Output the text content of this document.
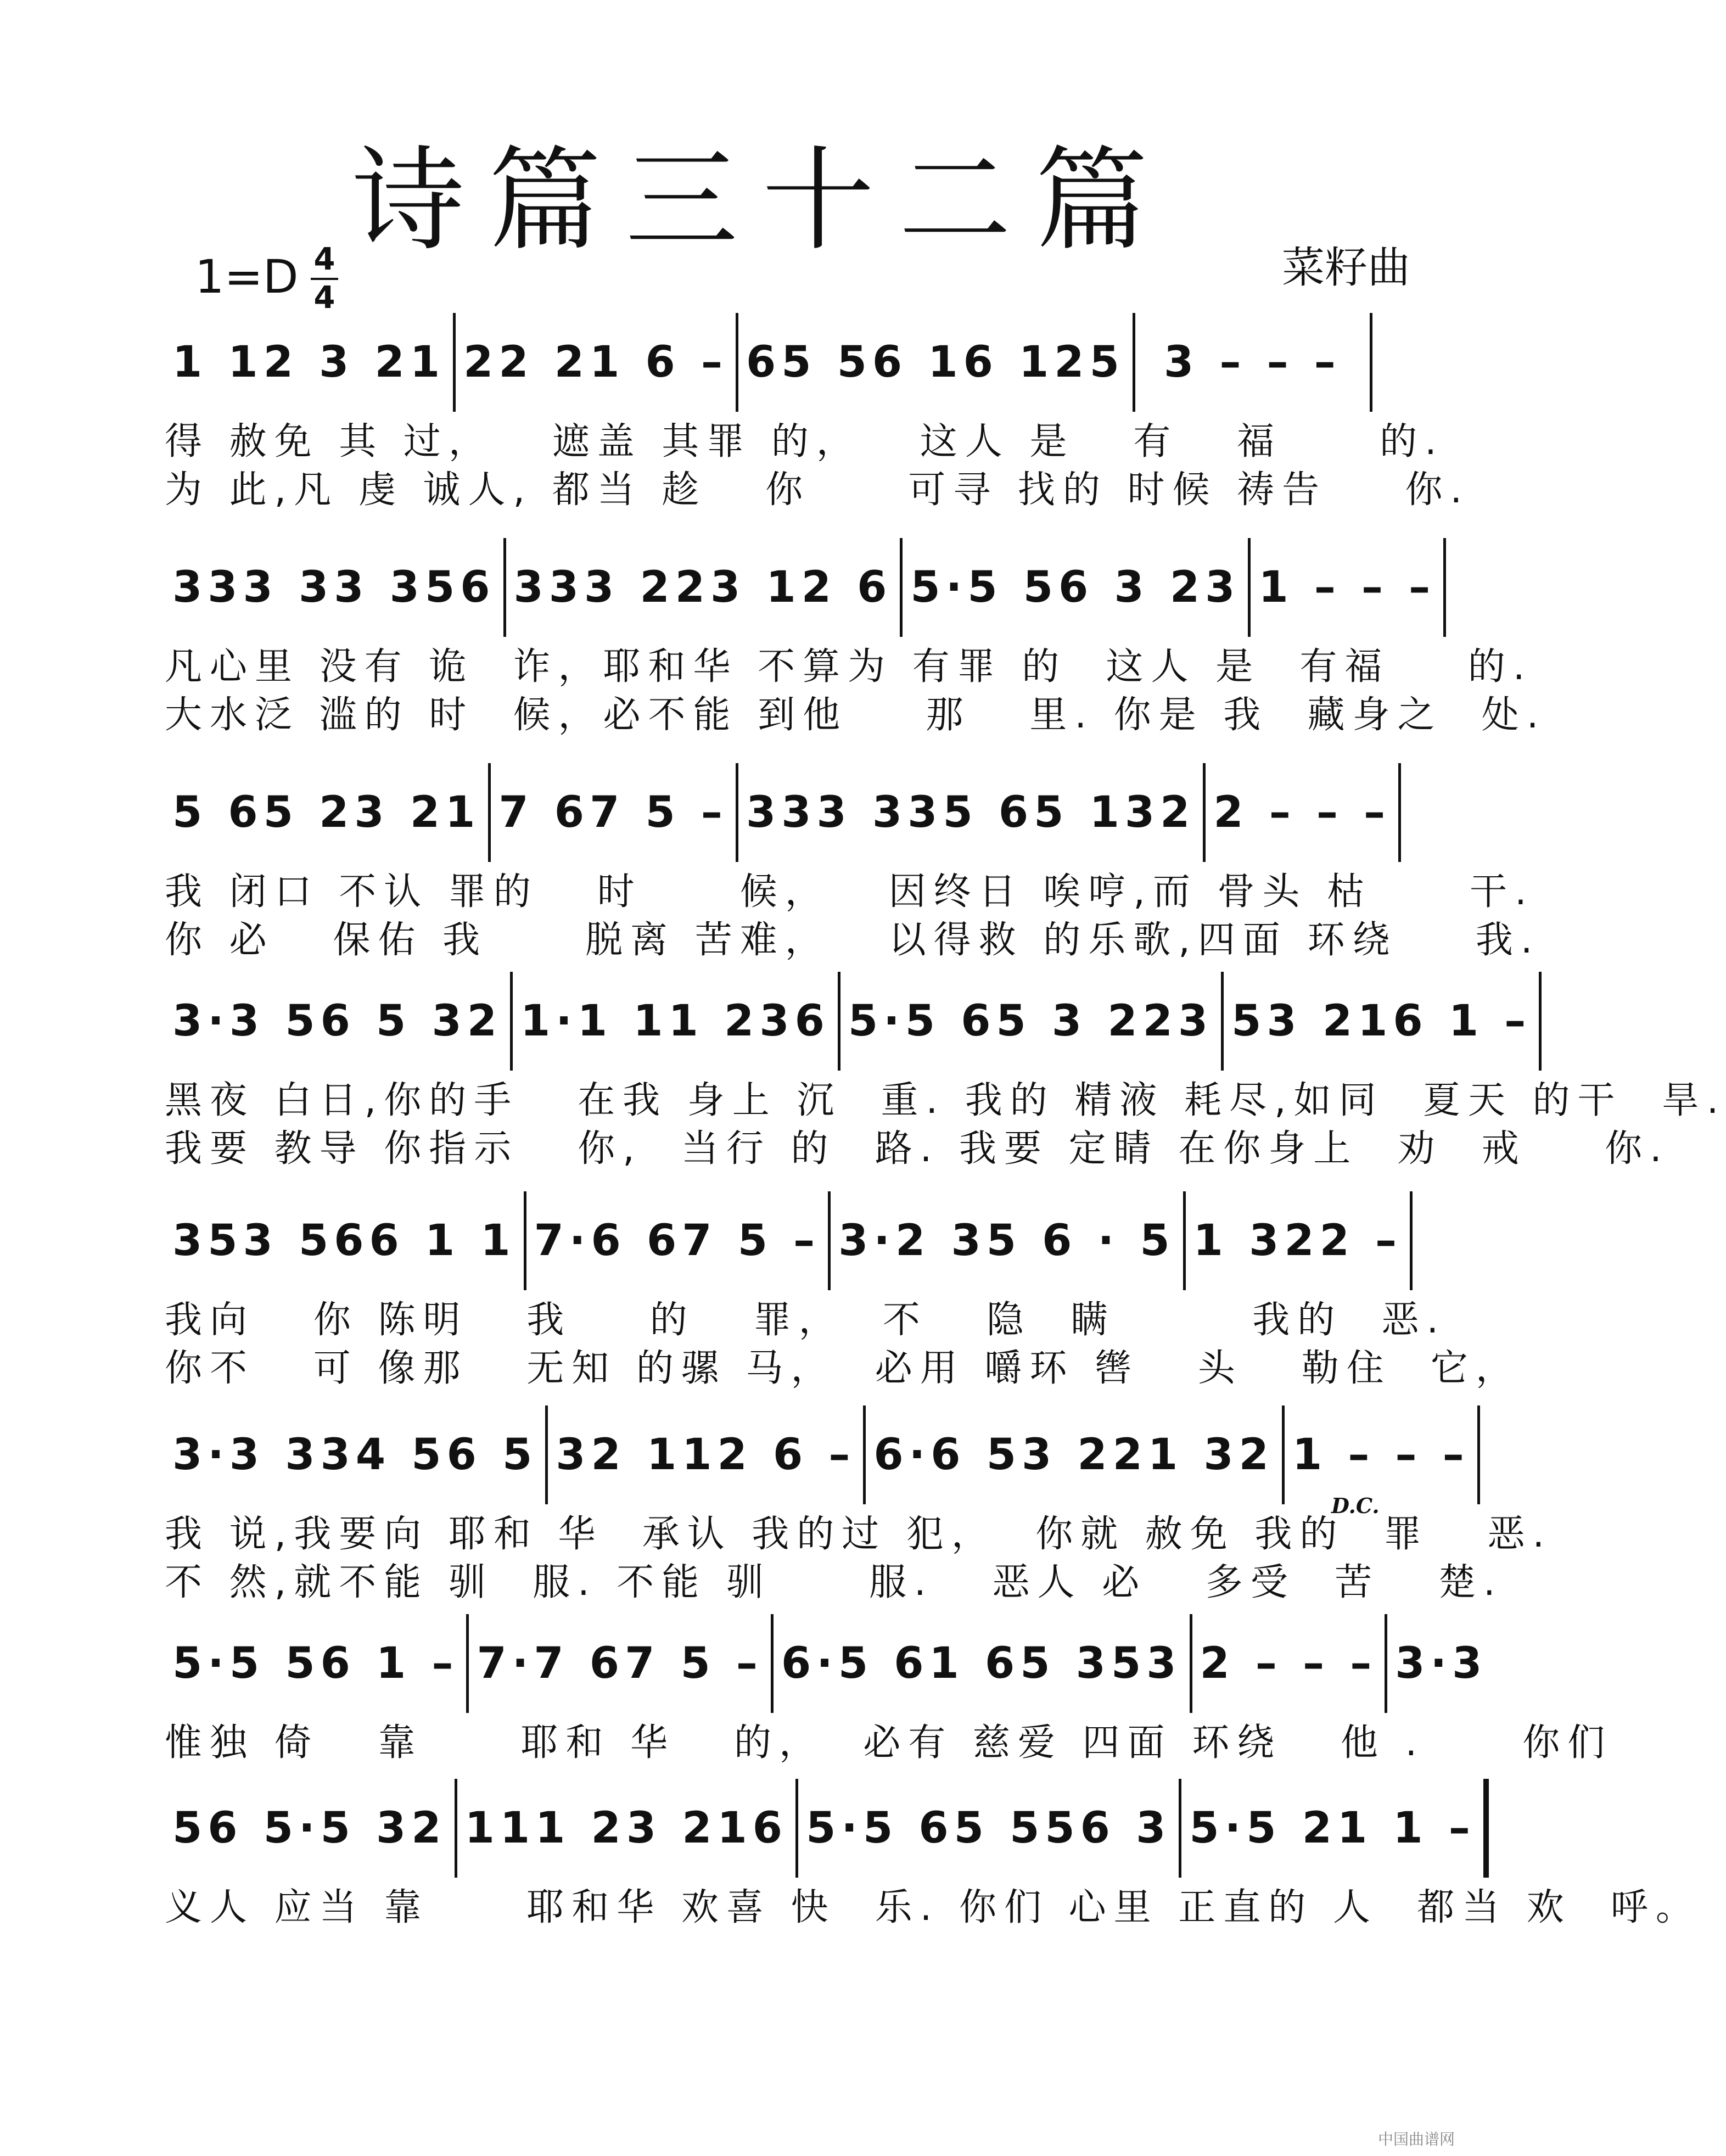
诗篇三十二篇
1=D 4
4
菜籽曲
1 12 3 21 22 21 6 – 65 56 16 125 3 – – –
得 赦免 其 过，   遮盖 其罪 的，   这人 是   有   福     的.
为 此,凡 虔 诚人, 都当 趁   你     可寻 找的 时候 祷告    你.
333 33 356 333 223 12 6 5·5 56 3 23 1 – – –
凡心里 没有 诡  诈，耶和华 不算为 有罪 的  这人 是  有福    的.
大水泛 滥的 时  候，必不能 到他    那   里. 你是 我  藏身之  处.
5 65 23 21 7 67 5 – 333 335 65 132 2 – – –
我 闭口 不认 罪的   时     候，   因终日 唉哼,而 骨头 枯     干.
你 必   保佑 我     脱离 苦难，   以得救 的乐歌,四面 环绕    我.
3·3 56 5 32 1·1 11 236 5·5 65 3 223 53 216 1 –
黑夜 白日,你的手   在我 身上 沉  重. 我的 精液 耗尽,如同  夏天 的干  旱.
我要 教导 你指示   你,  当行 的  路. 我要 定睛 在你身上  劝  戒    你.
353 566 1 1 7·6 67 5 – 3·2 35 6 · 5 1 322 –
我向   你 陈明   我    的   罪，  不   隐  瞒       我的  恶.
你不   可 像那   无知 的骡 马，  必用 嚼环 辔   头   勒住  它，
3·3 334 56 5 32 112 6 – 6·6 53 221 32 1 – – –
我 说,我要向 耶和 华  承认 我的过 犯，  你就 赦免 我的  罪   恶.
不 然,就不能 驯  服. 不能 驯     服.   恶人 必   多受  苦   楚.
D.C.
5·5 56 1 – 7·7 67 5 – 6·5 61 65 353 2 – – – 3·3
惟独 倚   靠     耶和 华   的，  必有 慈爱 四面 环绕   他 .     你们
56 5·5 32 111 23 216 5·5 65 556 3 5·5 21 1 –
义人 应当 靠     耶和华 欢喜 快  乐. 你们 心里 正直的 人  都当 欢  呼。
中国曲谱网
